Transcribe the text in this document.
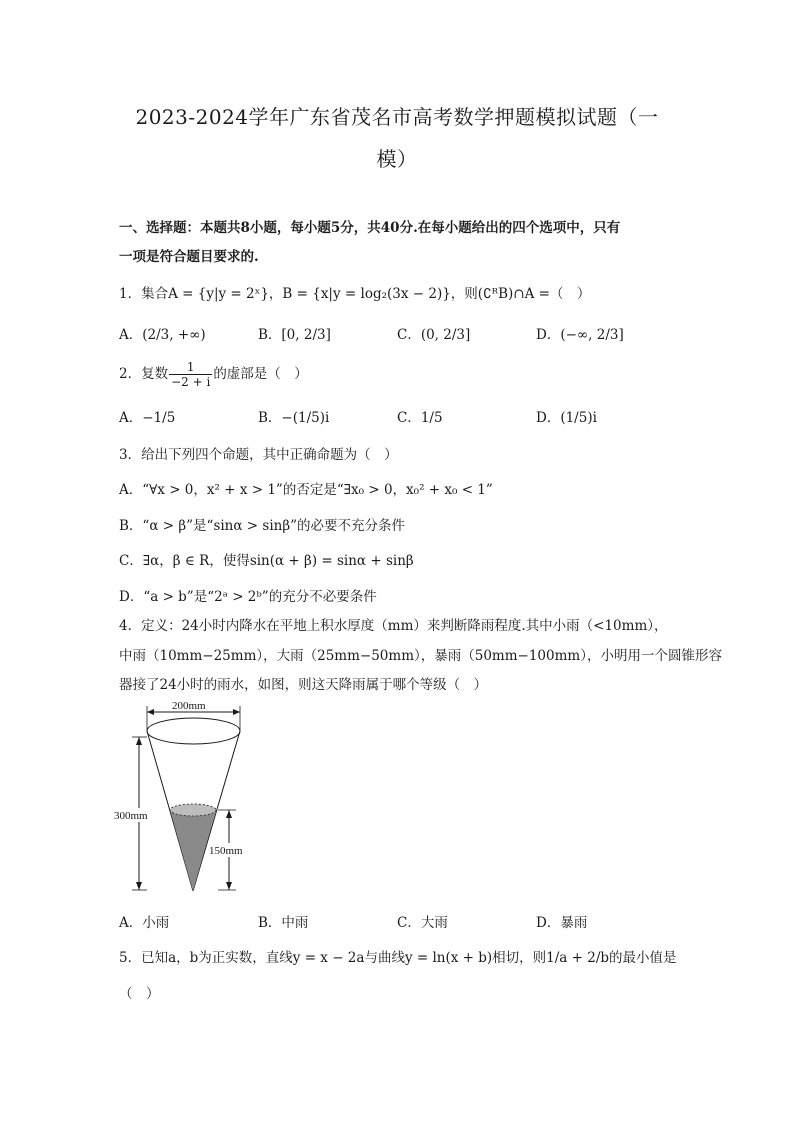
2023-2024学年广东省茂名市高考数学押题模拟试题（一
模）
一、选择题：本题共8小题，每小题5分，共40分.在每小题给出的四个选项中，只有
一项是符合题目要求的.
1．集合A = {y|y = 2ˣ}，B = {x|y = log₂(3x − 2)}，则(∁ᴿB)∩A =（　）
A．(2/3, +∞)	B．[0, 2/3]	C．(0, 2/3]	D．(−∞, 2/3]
2．复数 $\frac{1}{-2 + i}$ 的虚部是（　）
A．−1/5	B．−(1/5)i	C．1/5	D．(1/5)i
3．给出下列四个命题，其中正确命题为（　）
A．“∀x > 0，x² + x > 1”的否定是“∃x₀ > 0，x₀² + x₀ < 1”
B．“α > β”是“sinα > sinβ”的必要不充分条件
C．∃α，β ∈ R，使得sin(α + β) = sinα + sinβ
D．“a > b”是“2ᵃ > 2ᵇ”的充分不必要条件
4．定义：24小时内降水在平地上积水厚度（mm）来判断降雨程度.其中小雨（<10mm），
中雨（10mm−25mm），大雨（25mm−50mm），暴雨（50mm−100mm），小明用一个圆锥形容
器接了24小时的雨水，如图，则这天降雨属于哪个等级（　）
200mm
300mm
150mm
A．小雨	B．中雨	C．大雨	D．暴雨
5．已知a，b为正实数，直线y = x − 2a与曲线y = ln(x + b)相切，则1/a + 2/b的最小值是
（　）
